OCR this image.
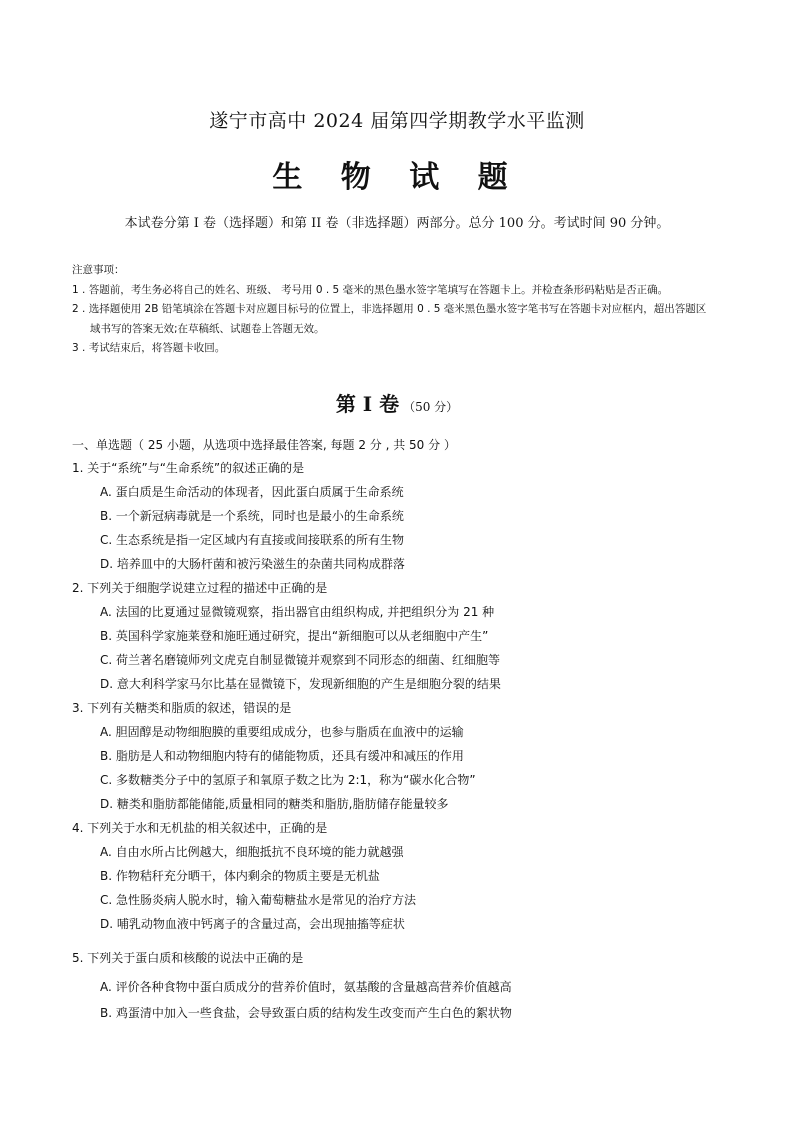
遂宁市高中 2024 届第四学期教学水平监测
生 物 试 题
本试卷分第 I 卷（选择题）和第 II 卷（非选择题）两部分。总分 100 分。考试时间 90 分钟。

注意事项：

1 . 答题前，考生务必将自己的姓名、班级、 考号用 0 . 5 毫米的黑色墨水签字笔填写在答题卡上。并检查条形码粘贴是否正确。

2 . 选择题使用 2B 铅笔填涂在答题卡对应题目标号的位置上，非选择题用 0 . 5 毫米黑色墨水签字笔书写在答题卡对应框内，超出答题区

域书写的答案无效;在草稿纸、试题卷上答题无效。

3 . 考试结束后，将答题卡收回。

第 Ⅰ 卷 （50 分）
一、单选题（ 25 小题，从选项中选择最佳答案, 每题 2 分 , 共 50 分 ）
1. 关于“系统”与“生命系统”的叙述正确的是
A. 蛋白质是生命活动的体现者，因此蛋白质属于生命系统
B. 一个新冠病毒就是一个系统，同时也是最小的生命系统
C. 生态系统是指一定区域内有直接或间接联系的所有生物
D. 培养皿中的大肠杆菌和被污染滋生的杂菌共同构成群落
2. 下列关于细胞学说建立过程的描述中正确的是
A. 法国的比夏通过显微镜观察，指出器官由组织构成, 并把组织分为 21 种
B. 英国科学家施莱登和施旺通过研究，提出“新细胞可以从老细胞中产生”
C. 荷兰著名磨镜师列文虎克自制显微镜并观察到不同形态的细菌、红细胞等
D. 意大利科学家马尔比基在显微镜下，发现新细胞的产生是细胞分裂的结果
3. 下列有关糖类和脂质的叙述，错误的是
A. 胆固醇是动物细胞膜的重要组成成分，也参与脂质在血液中的运输
B. 脂肪是人和动物细胞内特有的储能物质，还具有缓冲和减压的作用
C. 多数糖类分子中的氢原子和氧原子数之比为 2:1，称为“碳水化合物”
D. 糖类和脂肪都能储能,质量相同的糖类和脂肪,脂肪储存能量较多
4. 下列关于水和无机盐的相关叙述中，正确的是
A. 自由水所占比例越大，细胞抵抗不良环境的能力就越强
B. 作物秸秆充分晒干，体内剩余的物质主要是无机盐
C. 急性肠炎病人脱水时，输入葡萄糖盐水是常见的治疗方法
D. 哺乳动物血液中钙离子的含量过高，会出现抽搐等症状
5. 下列关于蛋白质和核酸的说法中正确的是
A. 评价各种食物中蛋白质成分的营养价值时，氨基酸的含量越高营养价值越高
B. 鸡蛋清中加入一些食盐，会导致蛋白质的结构发生改变而产生白色的絮状物
